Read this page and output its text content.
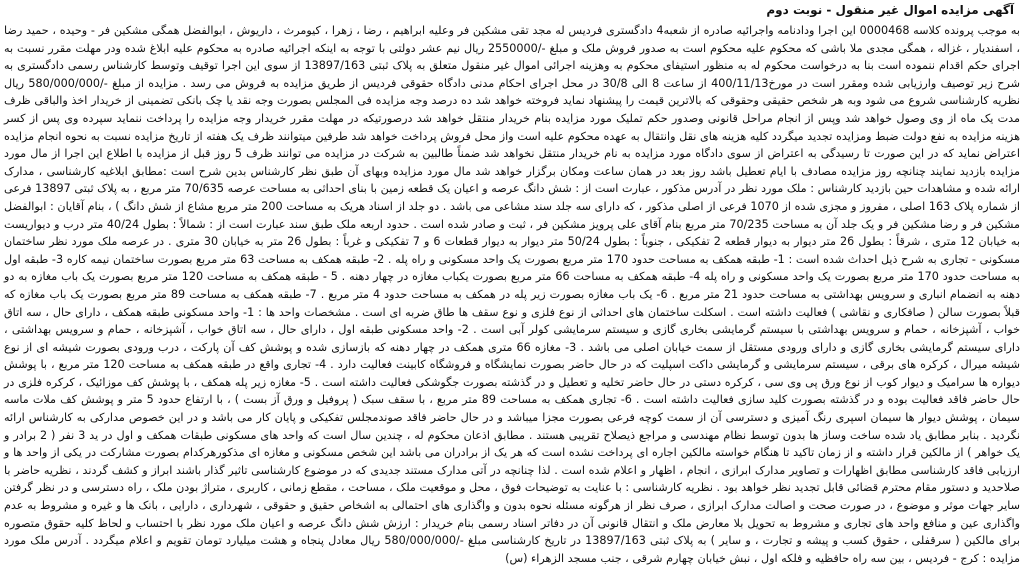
آگهی مزایده اموال غیر منقول - نوبت دوم

به موجب پرونده کلاسه 0000468 این اجرا ودادنامه واجرائیه صادره از شعبه4 دادگستری فردیس له مجد تقی مشکین فر وعلیه ابراهیم ، رضا ، زهرا ، کیومرث ، داریوش ، ابوالفضل همگی مشکین فر - وحیده ، حمید رضا ، اسفندیار ، غزاله ، همگی مجدی ملا باشی که محکوم علیه محکوم است به صدور فروش ملک و مبلغ -/2550000 ریال نیم عشر دولتی با توجه به اینکه اجرائیه صادره به محکوم علیه ابلاغ شده ودر مهلت مقرر نسبت به اجرای حکم اقدام ننموده است بنا به درخواست محکوم له به منظور استیفای محکوم به وهزینه اجرائی اموال غیر منقول متعلق به پلاک ثبتی 13897/163 از سوی این اجرا توقیف وتوسط کارشناس رسمی دادگستری به شرح زیر توصیف وارزیابی شده ومقرر است در مورخ400/11/13 از ساعت 8 الی 30/8 در محل اجرای احکام مدنی دادگاه حقوقی فردیس از طریق مزایده به فروش می رسد . مزایده از مبلغ -/580/000/000 ریال نظریه کارشناسی شروع می شود وبه هر شخص حقیقی وحقوقی که بالاترین قیمت را پیشنهاد نماید فروخته خواهد شد ده درصد وجه مزایده فی المجلس بصورت وجه نقد یا چک بانکی تضمینی از خریدار اخذ والباقی ظرف مدت یک ماه از وی وصول خواهد شد وپس از انجام مراحل قانونی وصدور حکم تملیک مورد مزایده بنام خریدار منتقل خواهد شد درصورتیکه در مهلت مقرر خریدار وجه مزایده را پرداخت ننماید سپرده وی پس از کسر هزینه مزایده به نفع دولت ضبط ومزایده تجدید میگردد کلیه هزینه های نقل وانتقال به عهده محکوم علیه است واز محل فروش پرداخت خواهد شد طرفین میتوانند ظرف یک هفته از تاریخ مزایده نسبت به نحوه انجام مزایده اعتراض نماید که در این صورت تا رسیدگی به اعتراض از سوی دادگاه مورد مزایده به نام خریدار منتقل نخواهد شد ضمناً طالبین به شرکت در مزایده می توانند ظرف 5 روز قبل از مزایده با اطلاع این اجرا از مال مورد مزایده بازدید نمایند چنانچه روز مزایده مصادف با ایام تعطیل باشد روز بعد در همان ساعت ومکان برگزار خواهد شد مال مورد مزایده وبهای آن طبق نظر کارشناس بدین شرح است :مطابق ابلاغیه کارشناسی ، مدارک ارائه شده و مشاهدات حین بازدید کارشناس : ملک مورد نظر در آدرس مذکور ، عبارت است از : شش دانگ عرصه و اعیان یک قطعه زمین با بنای احداثی به مساحت عرصه 70/635 متر مربع ، به پلاک ثبتی 13897 فرعی از شماره پلاک 163 اصلی ، مفروز و مجزی شده از 1070 فرعی از اصلی مذکور ، که دارای سه جلد سند مشاعی می باشد . دو جلد از اسناد هریک به مساحت 200 متر مربع مشاع از شش دانگ ) ، بنام آقایان : ابوالفضل مشکین فر و رضا مشکین فر و یک جلد آن به مساحت 70/235 متر مربع بنام آقای علی پرویز مشکین فر ، ثبت و صادر شده است . حدود اربعه ملک طبق سند عبارت است از : شمالاً : بطول 40/24 متر درب و دیواریست به خیابان 12 متری ، شرقاً : بطول 26 متر دیوار به دیوار قطعه 2 تفکیکی ، جنوباً : بطول 50/24 متر دیوار به دیوار قطعات 6 و 7 تفکیکی و غرباً : بطول 26 متر به خیابان 30 متری . در عرصه ملک مورد نظر ساختمان مسکونی - تجاری به شرح ذیل احداث شده است : 1- طبقه همکف به مساحت حدود 170 متر مربع بصورت یک واحد مسکونی و راه پله . 2- طبقه همکف به مساحت 63 متر مربع بصورت ساختمان نیمه کاره 3- طبقه اول به مساحت حدود 170 متر مربع بصورت یک واحد مسکونی و راه پله 4- طبقه همکف به مساحت 66 متر مربع بصورت یکباب مغازه در چهار دهنه . 5 - طبقه همکف به مساحت 120 متر مربع بصورت یک باب مغازه به دو دهنه به انضمام انباری و سرویس بهداشتی به مساحت حدود 21 متر مربع . 6- یک باب مغازه بصورت زیر پله در همکف به مساحت حدود 4 متر مربع . 7- طبقه همکف به مساحت 89 متر مربع بصورت یک باب مغازه که قبلاً بصورت سالن ( صافکاری و نقاشی ) فعالیت داشته است . اسکلت ساختمان های احداثی از نوع فلزی و نوع سقف ها طاق ضربه ای است . مشخصات واحد ها : 1- واحد مسکونی طبقه همکف ، دارای حال ، سه اتاق خواب ، آشپزخانه ، حمام و سرویس بهداشتی با سیستم گرمایشی بخاری گازی و سیستم سرمایشی کولر آبی است . 2- واحد مسکونی طبقه اول ، دارای حال ، سه اتاق خواب ، آشپزخانه ، حمام و سرویس بهداشتی ، دارای سیستم گرمایشی بخاری گازی و دارای ورودی مستقل از سمت خیابان اصلی می باشد . 3- مغازه 66 متری همکف در چهار دهنه که بازسازی شده و پوشش کف آن پارکت ، درب ورودی بصورت شیشه ای از نوع شیشه میرال ، کرکره های برقی ، سیستم سرمایشی و گرمایشی داکت اسپلیت که در حال حاضر بصورت نمایشگاه و فروشگاه کابینت فعالیت دارد . 4- تجاری واقع در طبقه همکف به مساحت 120 متر مربع ، با پوشش دیواره ها سرامیک و دیوار کوب از نوع ورق پی وی سی ، کرکره دستی در حال حاضر تخلیه و تعطیل و در گذشته بصورت جگوشکی فعالیت داشته است . 5- مغازه زیر پله همکف ، با پوشش کف موزائیک ، کرکره فلزی در حال حاضر فاقد فعالیت بوده و در گذشته بصورت کلید سازی فعالیت داشته است . 6- تجاری همکف به مساحت 89 متر مربع ، با سقف سبک ( پروفیل و ورق آز بست ) ، با ارتفاع حدود 5 متر و پوشش کف ملات ماسه سیمان ، پوشش دیوار ها سیمان اسپری رنگ آمیزی و دسترسی آن از سمت کوچه فرعی بصورت مجزا میباشد و در حال حاضر فاقد صوندمجلس تفکیکی و پایان کار می باشد و در این خصوص مدارکی به کارشناس ارائه نگردید . بنابر مطابق یاد شده ساخت وساز ها بدون توسط نظام مهندسی و مراجع ذیصلاح تقریبی هستند . مطابق اذعان محکوم له ، چندین سال است که واحد های مسکونی طبقات همکف و اول در ید 3 نفر ( 2 برادر و یک خواهر ) از مالکین قرار داشته و از زمان تاکید تا هنگام خواسته مالکین اجاره ای پرداخت نشده است که هر یک از برادران می باشد این شخص مسکونی و مغازه ای مذکورهرکدام بصورت مشارکت در یکی از واحد ها و ارزیابی فاقد کارشناسی مطابق اظهارات و تصاویر مدارک ابرازی ، انجام ، اظهار و اعلام شده است . لذا چنانچه در آتی مدارک مستند جدیدی که در موضوع کارشناسی تاثیر گذار باشند ابراز و کشف گردند ، نظریه حاضر با صلاحدید و دستور مقام محترم قضائی قابل تجدید نظر خواهد بود . نظریه کارشناسی : با عنایت به توضیحات فوق ، محل و موقعیت ملک ، مساحت ، مقطع زمانی ، کاربری ، متراژ بودن ملک ، راه دسترسی و در نظر گرفتن سایر جهات موثر و موضوع ، در صورت صحت و اصالت مدارک ابرازی ، صرف نظر از هرگونه مسئله نحوه بدون و واگذاری های احتمالی به اشخاص حقیق و حقوقی ، شهرداری ، دارایی ، بانک ها و غیره و مشروط به عدم واگذاری عین و منافع واحد های تجاری و مشروط به تحویل بلا معارض ملک و انتقال قانونی آن در دفاتر اسناد رسمی بنام خریدار : ارزش شش دانگ عرصه و اعیان ملک مورد نظر با احتساب و لحاظ کلیه حقوق متصوره برای مالکین ( سرقفلی ، حقوق کسب و پیشه و تجارت ، و سایر ) به پلاک ثبتی 13897/163 در تاریخ کارشناسی مبلغ -/580/000/000 ریال معادل پنجاه و هشت میلیارد تومان تقویم و اعلام میگردد . آدرس ملک مورد مزایده : کرج - فردیس ، بین سه راه حافظیه و فلکه اول ، نبش خیابان چهارم شرقی ، جنب مسجد الزهراء (س)
